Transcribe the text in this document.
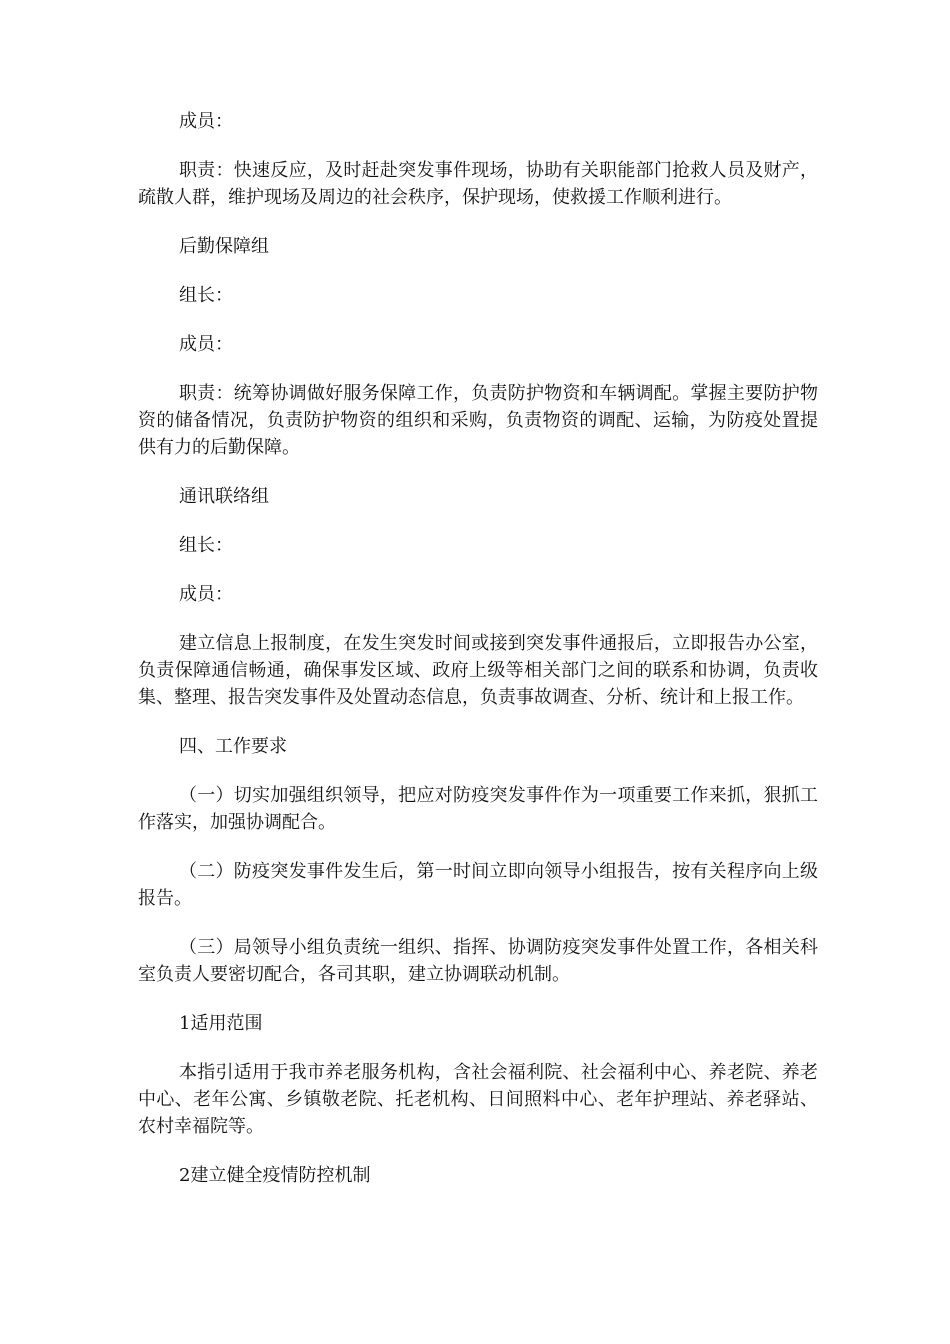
成员：

职责：快速反应，及时赶赴突发事件现场，协助有关职能部门抢救人员及财产，疏散人群，维护现场及周边的社会秩序，保护现场，使救援工作顺利进行。

后勤保障组

组长：

成员：

职责：统筹协调做好服务保障工作，负责防护物资和车辆调配。掌握主要防护物资的储备情况，负责防护物资的组织和采购，负责物资的调配、运输，为防疫处置提供有力的后勤保障。

通讯联络组

组长：

成员：

建立信息上报制度，在发生突发时间或接到突发事件通报后，立即报告办公室，负责保障通信畅通，确保事发区域、政府上级等相关部门之间的联系和协调，负责收集、整理、报告突发事件及处置动态信息，负责事故调查、分析、统计和上报工作。

四、工作要求

（一）切实加强组织领导，把应对防疫突发事件作为一项重要工作来抓，狠抓工作落实，加强协调配合。

（二）防疫突发事件发生后，第一时间立即向领导小组报告，按有关程序向上级报告。

（三）局领导小组负责统一组织、指挥、协调防疫突发事件处置工作，各相关科室负责人要密切配合，各司其职，建立协调联动机制。

1适用范围

本指引适用于我市养老服务机构，含社会福利院、社会福利中心、养老院、养老中心、老年公寓、乡镇敬老院、托老机构、日间照料中心、老年护理站、养老驿站、农村幸福院等。

2建立健全疫情防控机制
